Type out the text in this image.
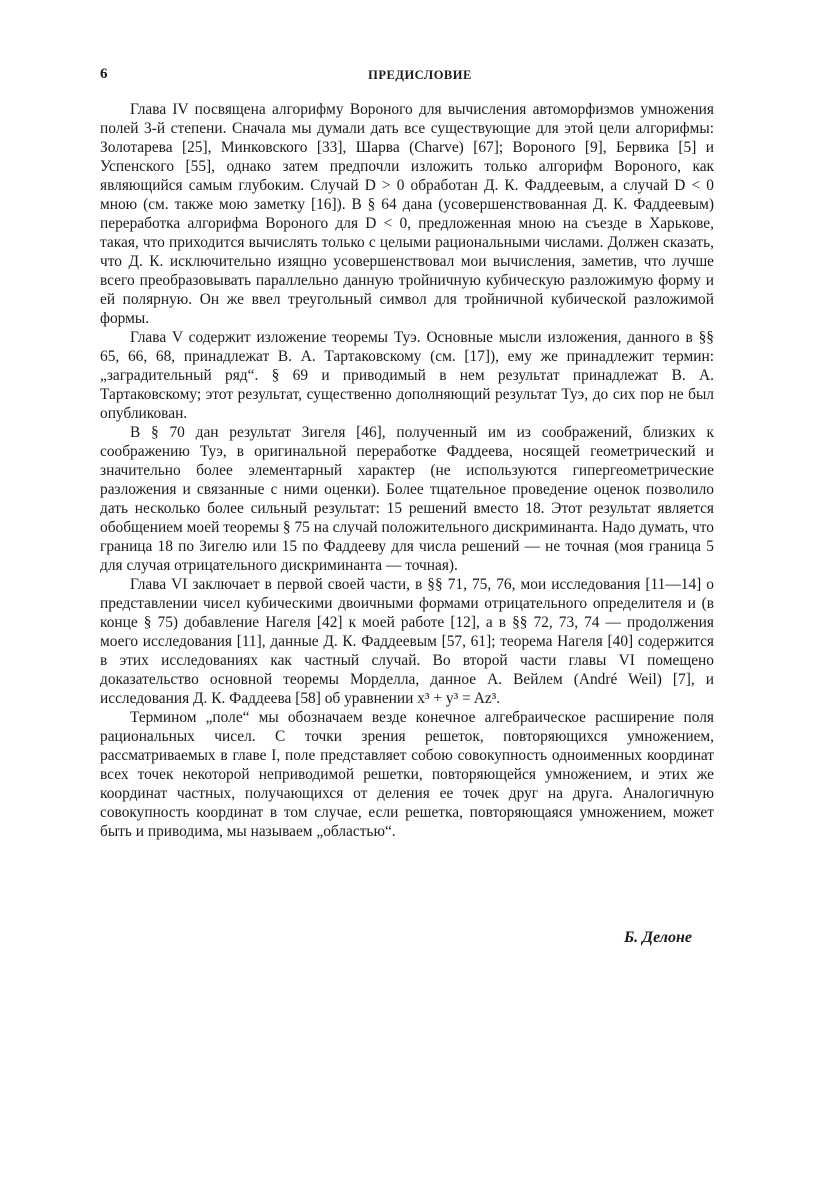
6	ПРЕДИСЛОВИЕ

Глава IV посвящена алгорифму Вороного для вычисления автоморфизмов умножения полей 3-й степени. Сначала мы думали дать все существующие для этой цели алгорифмы: Золотарева [25], Минковского [33], Шарва (Charve) [67]; Вороного [9], Бервика [5] и Успенского [55], однако затем предпочли изложить только алгорифм Вороного, как являющийся самым глубоким. Случай D > 0 обработан Д. К. Фаддеевым, а случай D < 0 мною (см. также мою заметку [16]). В § 64 дана (усовершенствованная Д. К. Фаддеевым) переработка алгорифма Вороного для D < 0, предложенная мною на съезде в Харькове, такая, что приходится вычислять только с целыми рациональными числами. Должен сказать, что Д. К. исключительно изящно усовершенствовал мои вычисления, заметив, что лучше всего преобразовывать параллельно данную тройничную кубическую разложимую форму и ей полярную. Он же ввел треугольный символ для тройничной кубической разложимой формы.

Глава V содержит изложение теоремы Туэ. Основные мысли изложения, данного в §§ 65, 66, 68, принадлежат В. А. Тартаковскому (см. [17]), ему же принадлежит термин: „заградительный ряд“. § 69 и приводимый в нем результат принадлежат В. А. Тартаковскому; этот результат, существенно дополняющий результат Туэ, до сих пор не был опубликован.

В § 70 дан результат Зигеля [46], полученный им из соображений, близких к соображению Туэ, в оригинальной переработке Фаддеева, носящей геометрический и значительно более элементарный характер (не используются гипергеометрические разложения и связанные с ними оценки). Более тщательное проведение оценок позволило дать несколько более сильный результат: 15 решений вместо 18. Этот результат является обобщением моей теоремы § 75 на случай положительного дискриминанта. Надо думать, что граница 18 по Зигелю или 15 по Фаддееву для числа решений — не точная (моя граница 5 для случая отрицательного дискриминанта — точная).

Глава VI заключает в первой своей части, в §§ 71, 75, 76, мои исследования [11—14] о представлении чисел кубическими двоичными формами отрицательного определителя и (в конце § 75) добавление Нагеля [42] к моей работе [12], а в §§ 72, 73, 74 — продолжения моего исследования [11], данные Д. К. Фаддеевым [57, 61]; теорема Нагеля [40] содержится в этих исследованиях как частный случай. Во второй части главы VI помещено доказательство основной теоремы Морделла, данное А. Вейлем (André Weil) [7], и исследования Д. К. Фаддеева [58] об уравнении x³ + y³ = Az³.

Термином „поле“ мы обозначаем везде конечное алгебраическое расширение поля рациональных чисел. С точки зрения решеток, повторяющихся умножением, рассматриваемых в главе I, поле представляет собою совокупность одноименных координат всех точек некоторой неприводимой решетки, повторяющейся умножением, и этих же координат частных, получающихся от деления ее точек друг на друга. Аналогичную совокупность координат в том случае, если решетка, повторяющаяся умножением, может быть и приводима, мы называем „областью“.

Б. Делоне
